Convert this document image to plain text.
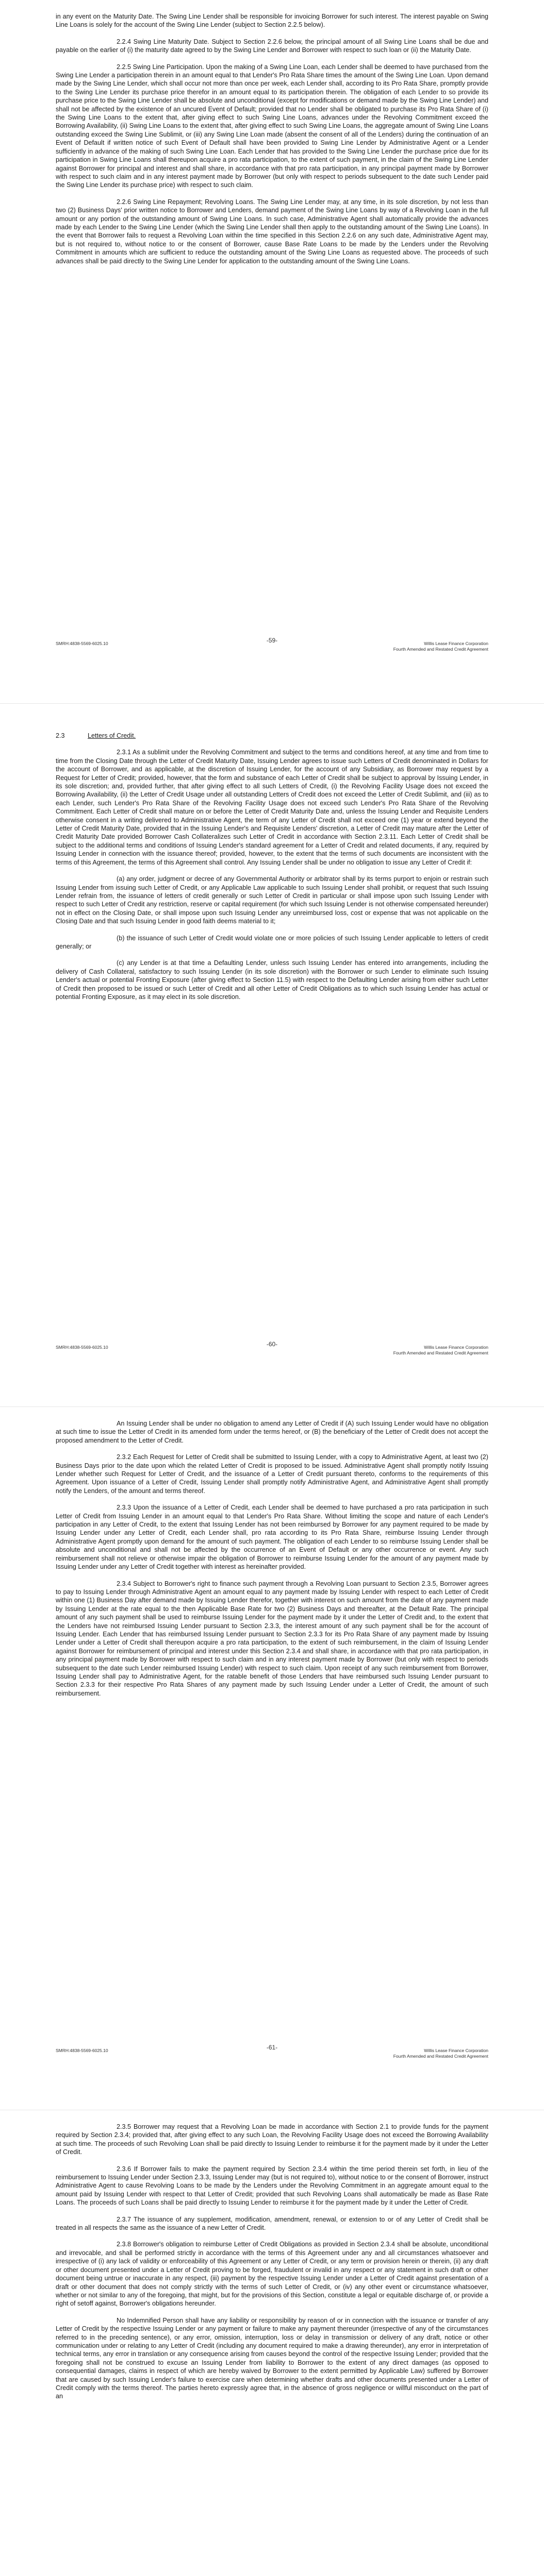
in any event on the Maturity Date. The Swing Line Lender shall be responsible for invoicing Borrower for such interest. The interest payable on Swing Line Loans is solely for the account of the Swing Line Lender (subject to Section 2.2.5 below).

2.2.4 Swing Line Maturity Date. Subject to Section 2.2.6 below, the principal amount of all Swing Line Loans shall be due and payable on the earlier of (i) the maturity date agreed to by the Swing Line Lender and Borrower with respect to such loan or (ii) the Maturity Date.

2.2.5 Swing Line Participation. Upon the making of a Swing Line Loan, each Lender shall be deemed to have purchased from the Swing Line Lender a participation therein in an amount equal to that Lender's Pro Rata Share times the amount of the Swing Line Loan. Upon demand made by the Swing Line Lender, which shall occur not more than once per week, each Lender shall, according to its Pro Rata Share, promptly provide to the Swing Line Lender its purchase price therefor in an amount equal to its participation therein. The obligation of each Lender to so provide its purchase price to the Swing Line Lender shall be absolute and unconditional (except for modifications or demand made by the Swing Line Lender) and shall not be affected by the existence of an uncured Event of Default; provided that no Lender shall be obligated to purchase its Pro Rata Share of (i) the Swing Line Loans to the extent that, after giving effect to such Swing Line Loans, advances under the Revolving Commitment exceed the Borrowing Availability, (ii) Swing Line Loans to the extent that, after giving effect to such Swing Line Loans, the aggregate amount of Swing Line Loans outstanding exceed the Swing Line Sublimit, or (iii) any Swing Line Loan made (absent the consent of all of the Lenders) during the continuation of an Event of Default if written notice of such Event of Default shall have been provided to Swing Line Lender by Administrative Agent or a Lender sufficiently in advance of the making of such Swing Line Loan. Each Lender that has provided to the Swing Line Lender the purchase price due for its participation in Swing Line Loans shall thereupon acquire a pro rata participation, to the extent of such payment, in the claim of the Swing Line Lender against Borrower for principal and interest and shall share, in accordance with that pro rata participation, in any principal payment made by Borrower with respect to such claim and in any interest payment made by Borrower (but only with respect to periods subsequent to the date such Lender paid the Swing Line Lender its purchase price) with respect to such claim.

2.2.6 Swing Line Repayment; Revolving Loans. The Swing Line Lender may, at any time, in its sole discretion, by not less than two (2) Business Days' prior written notice to Borrower and Lenders, demand payment of the Swing Line Loans by way of a Revolving Loan in the full amount or any portion of the outstanding amount of Swing Line Loans. In such case, Administrative Agent shall automatically provide the advances made by each Lender to the Swing Line Lender (which the Swing Line Lender shall then apply to the outstanding amount of the Swing Line Loans). In the event that Borrower fails to request a Revolving Loan within the time specified in this Section 2.2.6 on any such date, Administrative Agent may, but is not required to, without notice to or the consent of Borrower, cause Base Rate Loans to be made by the Lenders under the Revolving Commitment in amounts which are sufficient to reduce the outstanding amount of the Swing Line Loans as requested above. The proceeds of such advances shall be paid directly to the Swing Line Lender for application to the outstanding amount of the Swing Line Loans.

SMRH:4838-5569-6025.10	-59-	Willis Lease Finance Corporation
Fourth Amended and Restated Credit Agreement

2.3	Letters of Credit.

2.3.1 As a sublimit under the Revolving Commitment and subject to the terms and conditions hereof, at any time and from time to time from the Closing Date through the Letter of Credit Maturity Date, Issuing Lender agrees to issue such Letters of Credit denominated in Dollars for the account of Borrower, and as applicable, at the discretion of Issuing Lender, for the account of any Subsidiary, as Borrower may request by a Request for Letter of Credit; provided, however, that the form and substance of each Letter of Credit shall be subject to approval by Issuing Lender, in its sole discretion; and, provided further, that after giving effect to all such Letters of Credit, (i) the Revolving Facility Usage does not exceed the Borrowing Availability, (ii) the Letter of Credit Usage under all outstanding Letters of Credit does not exceed the Letter of Credit Sublimit, and (iii) as to each Lender, such Lender's Pro Rata Share of the Revolving Facility Usage does not exceed such Lender's Pro Rata Share of the Revolving Commitment. Each Letter of Credit shall mature on or before the Letter of Credit Maturity Date and, unless the Issuing Lender and Requisite Lenders otherwise consent in a writing delivered to Administrative Agent, the term of any Letter of Credit shall not exceed one (1) year or extend beyond the Letter of Credit Maturity Date, provided that in the Issuing Lender's and Requisite Lenders' discretion, a Letter of Credit may mature after the Letter of Credit Maturity Date provided Borrower Cash Collateralizes such Letter of Credit in accordance with Section 2.3.11. Each Letter of Credit shall be subject to the additional terms and conditions of Issuing Lender's standard agreement for a Letter of Credit and related documents, if any, required by Issuing Lender in connection with the issuance thereof; provided, however, to the extent that the terms of such documents are inconsistent with the terms of this Agreement, the terms of this Agreement shall control. Any Issuing Lender shall be under no obligation to issue any Letter of Credit if:

(a) any order, judgment or decree of any Governmental Authority or arbitrator shall by its terms purport to enjoin or restrain such Issuing Lender from issuing such Letter of Credit, or any Applicable Law applicable to such Issuing Lender shall prohibit, or request that such Issuing Lender refrain from, the issuance of letters of credit generally or such Letter of Credit in particular or shall impose upon such Issuing Lender with respect to such Letter of Credit any restriction, reserve or capital requirement (for which such Issuing Lender is not otherwise compensated hereunder) not in effect on the Closing Date, or shall impose upon such Issuing Lender any unreimbursed loss, cost or expense that was not applicable on the Closing Date and that such Issuing Lender in good faith deems material to it;

(b) the issuance of such Letter of Credit would violate one or more policies of such Issuing Lender applicable to letters of credit generally; or

(c) any Lender is at that time a Defaulting Lender, unless such Issuing Lender has entered into arrangements, including the delivery of Cash Collateral, satisfactory to such Issuing Lender (in its sole discretion) with the Borrower or such Lender to eliminate such Issuing Lender's actual or potential Fronting Exposure (after giving effect to Section 11.5) with respect to the Defaulting Lender arising from either such Letter of Credit then proposed to be issued or such Letter of Credit and all other Letter of Credit Obligations as to which such Issuing Lender has actual or potential Fronting Exposure, as it may elect in its sole discretion.

SMRH:4838-5569-6025.10	-60-	Willis Lease Finance Corporation
Fourth Amended and Restated Credit Agreement

An Issuing Lender shall be under no obligation to amend any Letter of Credit if (A) such Issuing Lender would have no obligation at such time to issue the Letter of Credit in its amended form under the terms hereof, or (B) the beneficiary of the Letter of Credit does not accept the proposed amendment to the Letter of Credit.

2.3.2 Each Request for Letter of Credit shall be submitted to Issuing Lender, with a copy to Administrative Agent, at least two (2) Business Days prior to the date upon which the related Letter of Credit is proposed to be issued. Administrative Agent shall promptly notify Issuing Lender whether such Request for Letter of Credit, and the issuance of a Letter of Credit pursuant thereto, conforms to the requirements of this Agreement. Upon issuance of a Letter of Credit, Issuing Lender shall promptly notify Administrative Agent, and Administrative Agent shall promptly notify the Lenders, of the amount and terms thereof.

2.3.3 Upon the issuance of a Letter of Credit, each Lender shall be deemed to have purchased a pro rata participation in such Letter of Credit from Issuing Lender in an amount equal to that Lender's Pro Rata Share. Without limiting the scope and nature of each Lender's participation in any Letter of Credit, to the extent that Issuing Lender has not been reimbursed by Borrower for any payment required to be made by Issuing Lender under any Letter of Credit, each Lender shall, pro rata according to its Pro Rata Share, reimburse Issuing Lender through Administrative Agent promptly upon demand for the amount of such payment. The obligation of each Lender to so reimburse Issuing Lender shall be absolute and unconditional and shall not be affected by the occurrence of an Event of Default or any other occurrence or event. Any such reimbursement shall not relieve or otherwise impair the obligation of Borrower to reimburse Issuing Lender for the amount of any payment made by Issuing Lender under any Letter of Credit together with interest as hereinafter provided.

2.3.4 Subject to Borrower's right to finance such payment through a Revolving Loan pursuant to Section 2.3.5, Borrower agrees to pay to Issuing Lender through Administrative Agent an amount equal to any payment made by Issuing Lender with respect to each Letter of Credit within one (1) Business Day after demand made by Issuing Lender therefor, together with interest on such amount from the date of any payment made by Issuing Lender at the rate equal to the then Applicable Base Rate for two (2) Business Days and thereafter, at the Default Rate. The principal amount of any such payment shall be used to reimburse Issuing Lender for the payment made by it under the Letter of Credit and, to the extent that the Lenders have not reimbursed Issuing Lender pursuant to Section 2.3.3, the interest amount of any such payment shall be for the account of Issuing Lender. Each Lender that has reimbursed Issuing Lender pursuant to Section 2.3.3 for its Pro Rata Share of any payment made by Issuing Lender under a Letter of Credit shall thereupon acquire a pro rata participation, to the extent of such reimbursement, in the claim of Issuing Lender against Borrower for reimbursement of principal and interest under this Section 2.3.4 and shall share, in accordance with that pro rata participation, in any principal payment made by Borrower with respect to such claim and in any interest payment made by Borrower (but only with respect to periods subsequent to the date such Lender reimbursed Issuing Lender) with respect to such claim. Upon receipt of any such reimbursement from Borrower, Issuing Lender shall pay to Administrative Agent, for the ratable benefit of those Lenders that have reimbursed such Issuing Lender pursuant to Section 2.3.3 for their respective Pro Rata Shares of any payment made by such Issuing Lender under a Letter of Credit, the amount of such reimbursement.

SMRH:4838-5569-6025.10	-61-	Willis Lease Finance Corporation
Fourth Amended and Restated Credit Agreement

2.3.5 Borrower may request that a Revolving Loan be made in accordance with Section 2.1 to provide funds for the payment required by Section 2.3.4; provided that, after giving effect to any such Loan, the Revolving Facility Usage does not exceed the Borrowing Availability at such time. The proceeds of such Revolving Loan shall be paid directly to Issuing Lender to reimburse it for the payment made by it under the Letter of Credit.

2.3.6 If Borrower fails to make the payment required by Section 2.3.4 within the time period therein set forth, in lieu of the reimbursement to Issuing Lender under Section 2.3.3, Issuing Lender may (but is not required to), without notice to or the consent of Borrower, instruct Administrative Agent to cause Revolving Loans to be made by the Lenders under the Revolving Commitment in an aggregate amount equal to the amount paid by Issuing Lender with respect to that Letter of Credit; provided that such Revolving Loans shall automatically be made as Base Rate Loans. The proceeds of such Loans shall be paid directly to Issuing Lender to reimburse it for the payment made by it under the Letter of Credit.

2.3.7 The issuance of any supplement, modification, amendment, renewal, or extension to or of any Letter of Credit shall be treated in all respects the same as the issuance of a new Letter of Credit.

2.3.8 Borrower's obligation to reimburse Letter of Credit Obligations as provided in Section 2.3.4 shall be absolute, unconditional and irrevocable, and shall be performed strictly in accordance with the terms of this Agreement under any and all circumstances whatsoever and irrespective of (i) any lack of validity or enforceability of this Agreement or any Letter of Credit, or any term or provision herein or therein, (ii) any draft or other document presented under a Letter of Credit proving to be forged, fraudulent or invalid in any respect or any statement in such draft or other document being untrue or inaccurate in any respect, (iii) payment by the respective Issuing Lender under a Letter of Credit against presentation of a draft or other document that does not comply strictly with the terms of such Letter of Credit, or (iv) any other event or circumstance whatsoever, whether or not similar to any of the foregoing, that might, but for the provisions of this Section, constitute a legal or equitable discharge of, or provide a right of setoff against, Borrower's obligations hereunder.

No Indemnified Person shall have any liability or responsibility by reason of or in connection with the issuance or transfer of any Letter of Credit by the respective Issuing Lender or any payment or failure to make any payment thereunder (irrespective of any of the circumstances referred to in the preceding sentence), or any error, omission, interruption, loss or delay in transmission or delivery of any draft, notice or other communication under or relating to any Letter of Credit (including any document required to make a drawing thereunder), any error in interpretation of technical terms, any error in translation or any consequence arising from causes beyond the control of the respective Issuing Lender; provided that the foregoing shall not be construed to excuse an Issuing Lender from liability to Borrower to the extent of any direct damages (as opposed to consequential damages, claims in respect of which are hereby waived by Borrower to the extent permitted by Applicable Law) suffered by Borrower that are caused by such Issuing Lender's failure to exercise care when determining whether drafts and other documents presented under a Letter of Credit comply with the terms thereof. The parties hereto expressly agree that, in the absence of gross negligence or willful misconduct on the part of an
